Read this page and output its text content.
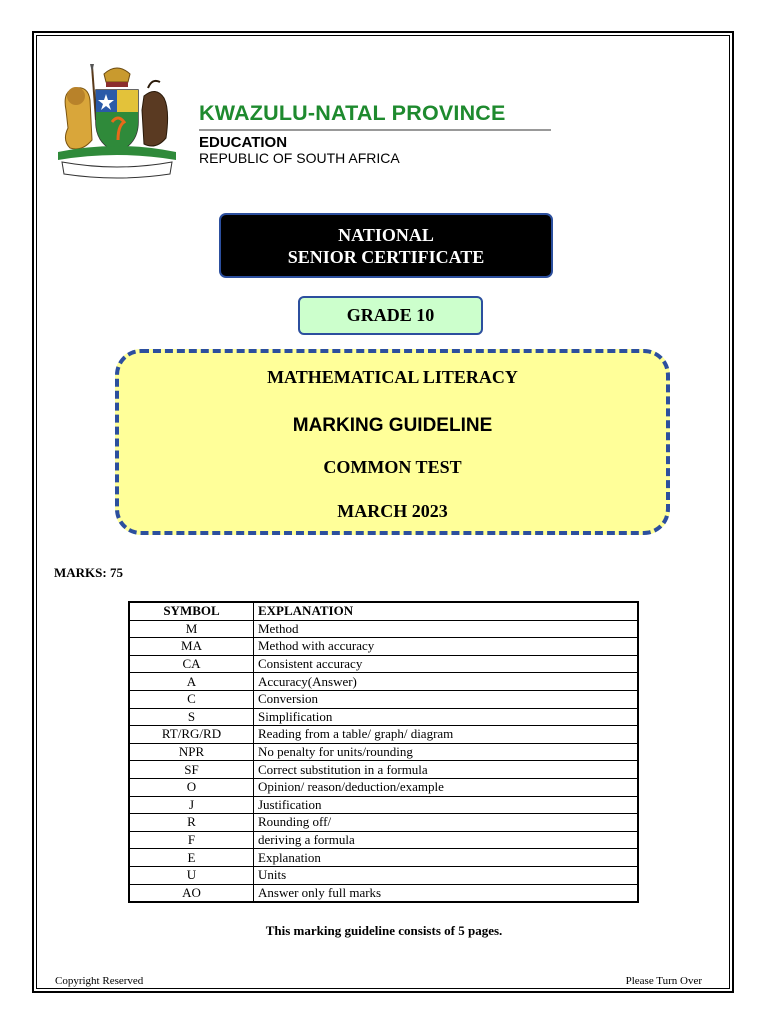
KWAZULU-NATAL PROVINCE
EDUCATION
REPUBLIC OF SOUTH AFRICA
NATIONAL
SENIOR CERTIFICATE
GRADE 10
MATHEMATICAL LITERACY
MARKING GUIDELINE
COMMON TEST
MARCH 2023
MARKS: 75
SYMBOL	EXPLANATION
M	Method
MA	Method with accuracy
CA	Consistent accuracy
A	Accuracy(Answer)
C	Conversion
S	Simplification
RT/RG/RD	Reading from a table/ graph/ diagram
NPR	No penalty for units/rounding
SF	Correct substitution in a formula
O	Opinion/ reason/deduction/example
J	Justification
R	Rounding off/
F	deriving a formula
E	Explanation
U	Units
AO	Answer only full marks
This marking guideline consists of 5 pages.
Copyright Reserved	Please Turn Over
